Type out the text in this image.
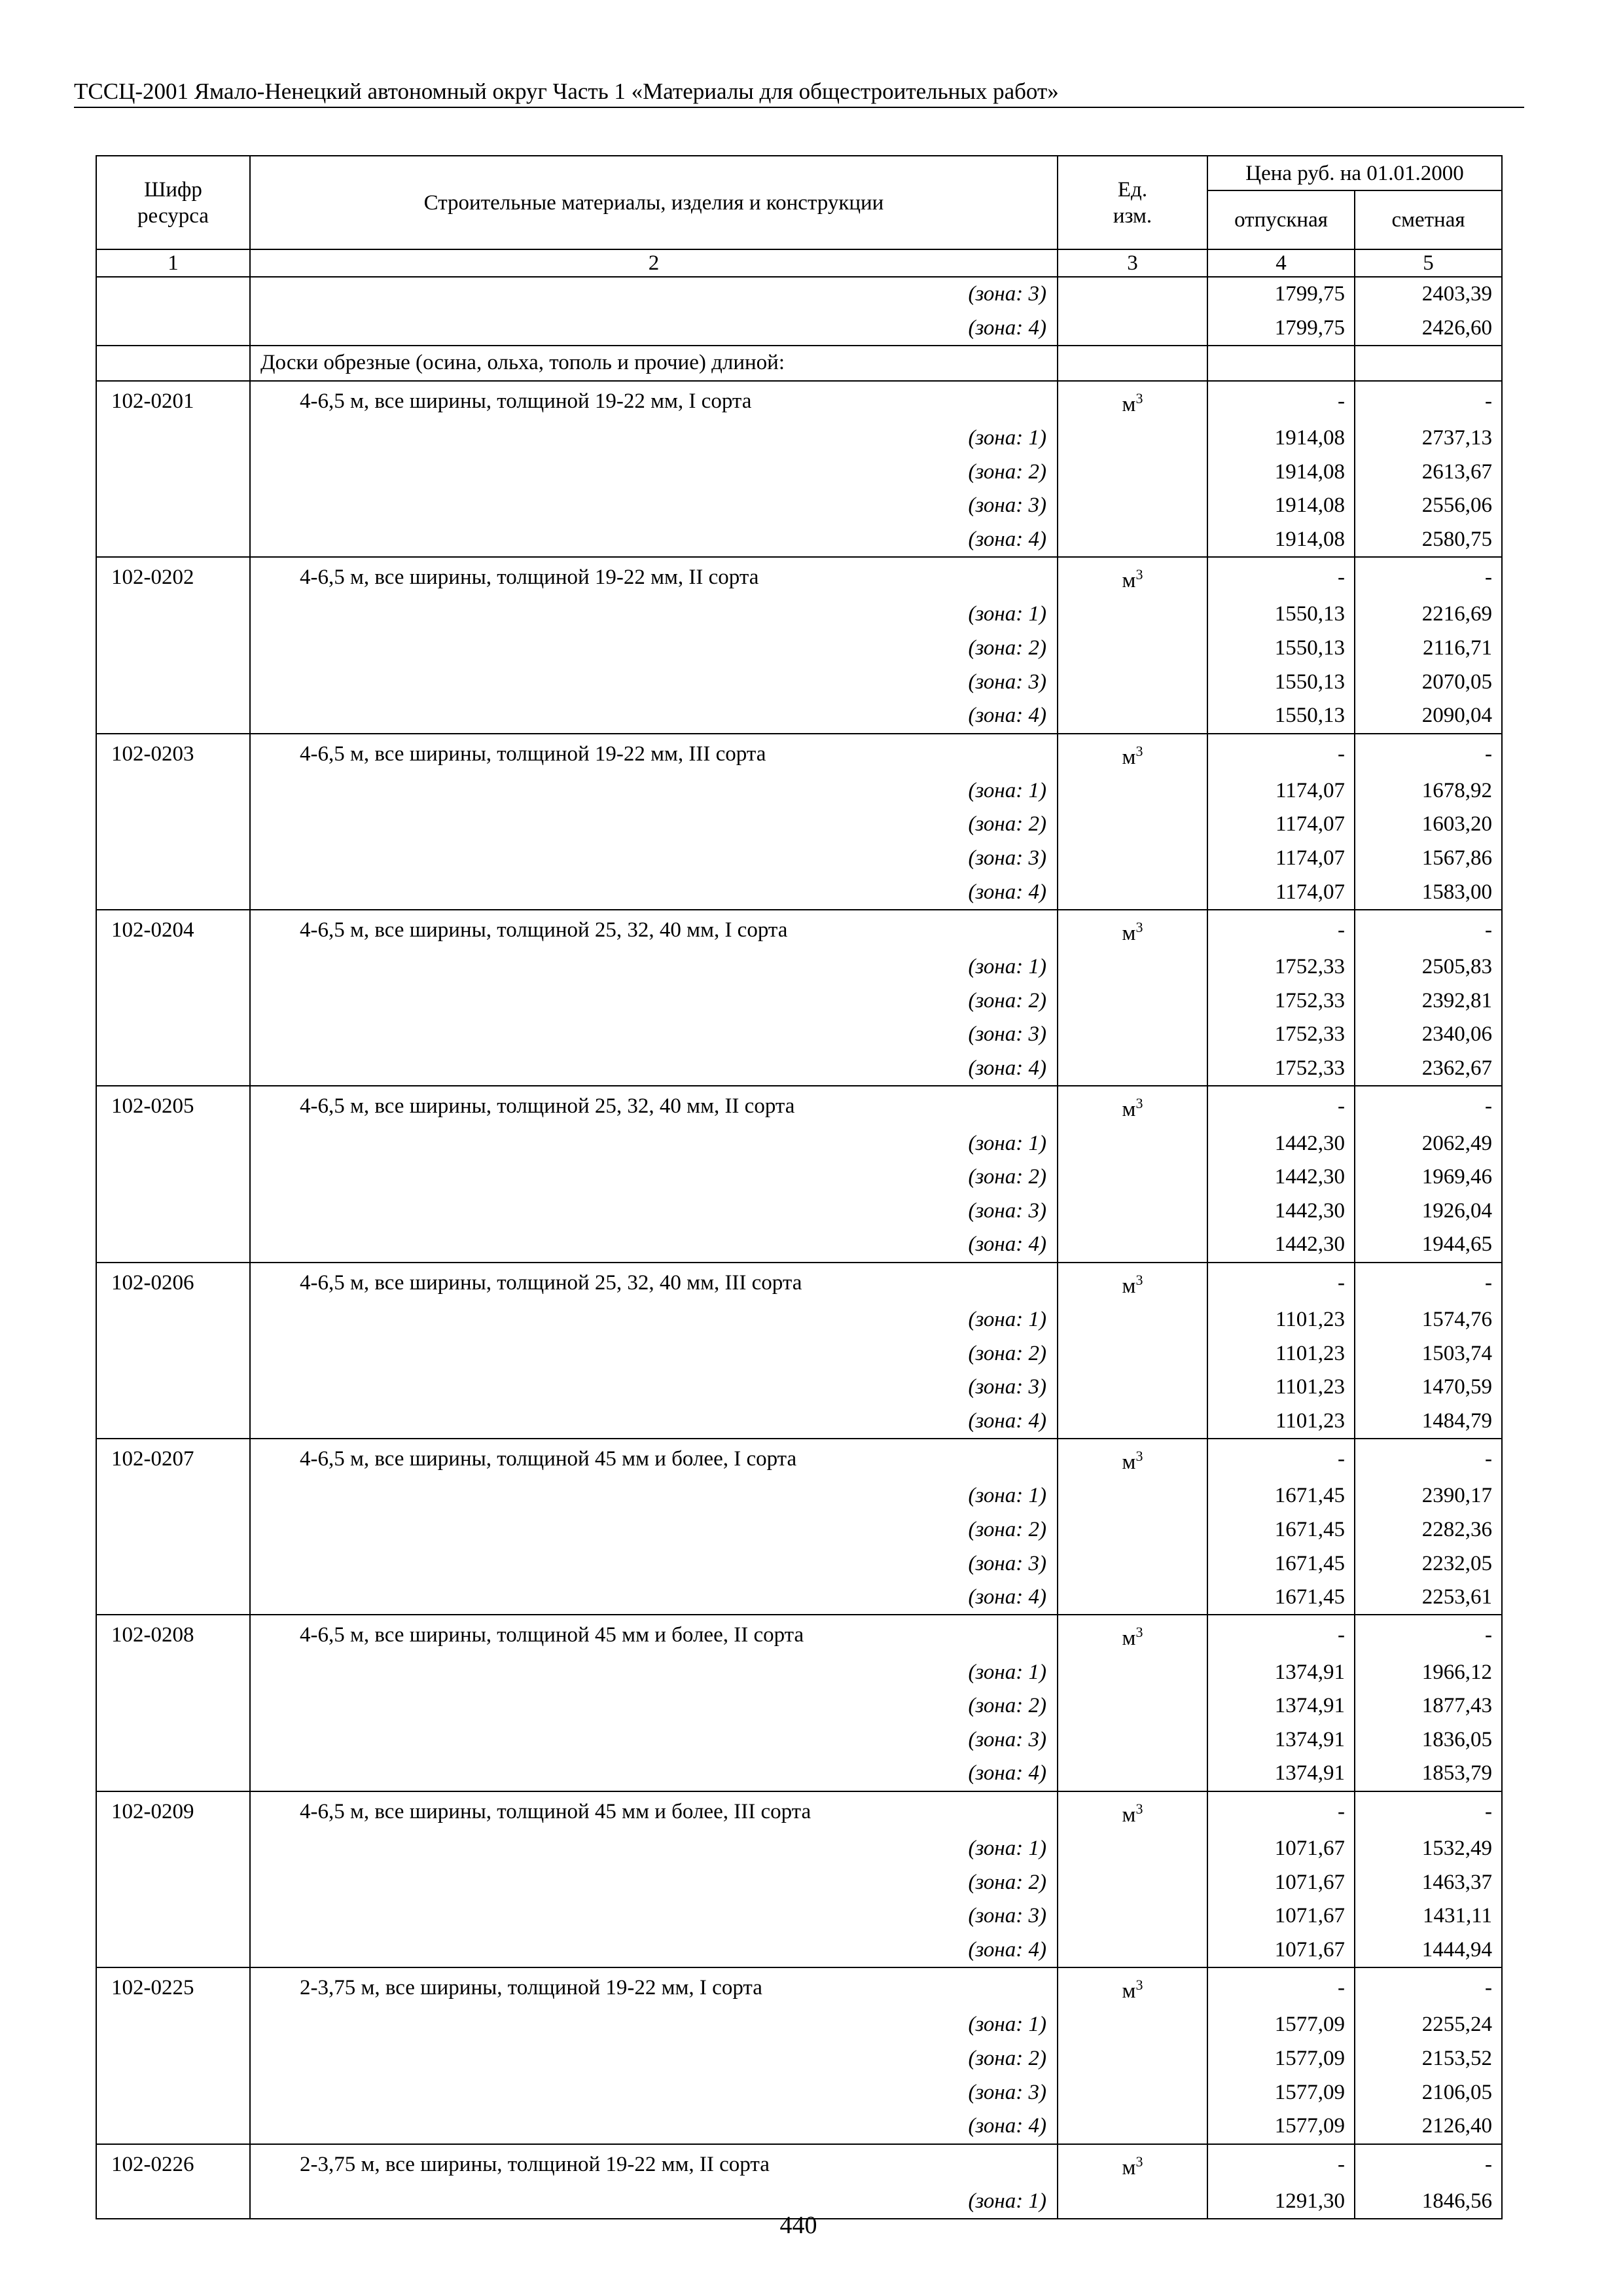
ТССЦ-2001 Ямало-Ненецкий автономный округ Часть 1 «Материалы для общестроительных работ»
Шифр ресурса	Строительные материалы, изделия и конструкции	Ед. изм.	Цена руб. на 01.01.2000	
			отпускная	сметная
1	2	3	4	5
	(зона: 3)		1799,75	2403,39
	(зона: 4)		1799,75	2426,60
	Доски обрезные (осина, ольха, тополь и прочие) длиной:			
102-0201	4-6,5 м, все ширины, толщиной 19-22 мм, I сорта	$м^3$	-	-
	(зона: 1)		1914,08	2737,13
	(зона: 2)		1914,08	2613,67
	(зона: 3)		1914,08	2556,06
	(зона: 4)		1914,08	2580,75
102-0202	4-6,5 м, все ширины, толщиной 19-22 мм, II сорта	$м^3$	-	-
	(зона: 1)		1550,13	2216,69
	(зона: 2)		1550,13	2116,71
	(зона: 3)		1550,13	2070,05
	(зона: 4)		1550,13	2090,04
102-0203	4-6,5 м, все ширины, толщиной 19-22 мм, III сорта	$м^3$	-	-
	(зона: 1)		1174,07	1678,92
	(зона: 2)		1174,07	1603,20
	(зона: 3)		1174,07	1567,86
	(зона: 4)		1174,07	1583,00
102-0204	4-6,5 м, все ширины, толщиной 25, 32, 40 мм, I сорта	$м^3$	-	-
	(зона: 1)		1752,33	2505,83
	(зона: 2)		1752,33	2392,81
	(зона: 3)		1752,33	2340,06
	(зона: 4)		1752,33	2362,67
102-0205	4-6,5 м, все ширины, толщиной 25, 32, 40 мм, II сорта	$м^3$	-	-
	(зона: 1)		1442,30	2062,49
	(зона: 2)		1442,30	1969,46
	(зона: 3)		1442,30	1926,04
	(зона: 4)		1442,30	1944,65
102-0206	4-6,5 м, все ширины, толщиной 25, 32, 40 мм, III сорта	$м^3$	-	-
	(зона: 1)		1101,23	1574,76
	(зона: 2)		1101,23	1503,74
	(зона: 3)		1101,23	1470,59
	(зона: 4)		1101,23	1484,79
102-0207	4-6,5 м, все ширины, толщиной 45 мм и более, I сорта	$м^3$	-	-
	(зона: 1)		1671,45	2390,17
	(зона: 2)		1671,45	2282,36
	(зона: 3)		1671,45	2232,05
	(зона: 4)		1671,45	2253,61
102-0208	4-6,5 м, все ширины, толщиной 45 мм и более, II сорта	$м^3$	-	-
	(зона: 1)		1374,91	1966,12
	(зона: 2)		1374,91	1877,43
	(зона: 3)		1374,91	1836,05
	(зона: 4)		1374,91	1853,79
102-0209	4-6,5 м, все ширины, толщиной 45 мм и более, III сорта	$м^3$	-	-
	(зона: 1)		1071,67	1532,49
	(зона: 2)		1071,67	1463,37
	(зона: 3)		1071,67	1431,11
	(зона: 4)		1071,67	1444,94
102-0225	2-3,75 м, все ширины, толщиной 19-22 мм, I сорта	$м^3$	-	-
	(зона: 1)		1577,09	2255,24
	(зона: 2)		1577,09	2153,52
	(зона: 3)		1577,09	2106,05
	(зона: 4)		1577,09	2126,40
102-0226	2-3,75 м, все ширины, толщиной 19-22 мм, II сорта	$м^3$	-	-
	(зона: 1)		1291,30	1846,56
440
